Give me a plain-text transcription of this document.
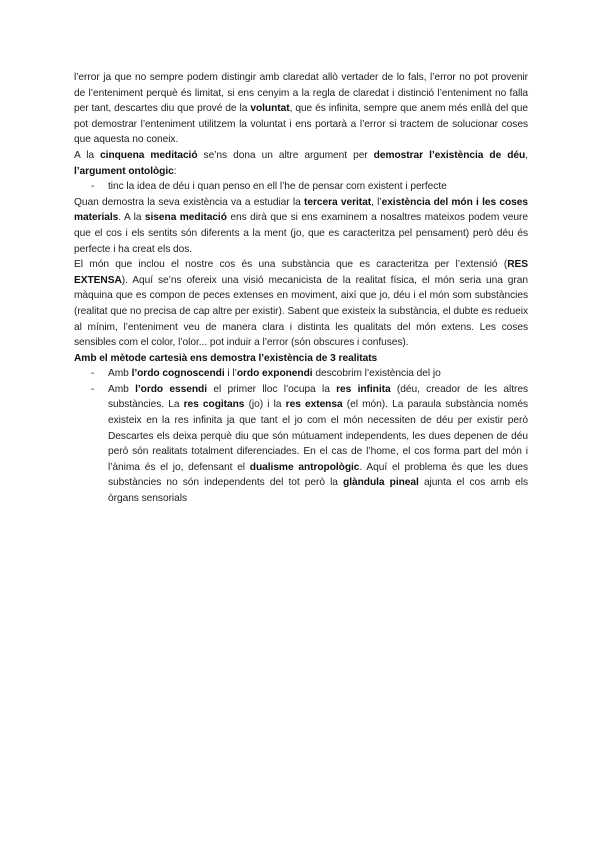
l’error ja que no sempre podem distingir amb claredat allò vertader de lo fals, l’error no pot provenir de l’enteniment perquè és limitat, si ens cenyim a la regla de claredat i distinció l’enteniment no falla per tant, descartes diu que prové de la voluntat, que és infinita, sempre que anem més enllà del que pot demostrar l’enteniment utilitzem la voluntat i ens portarà a l’error si tractem de solucionar coses que aquesta no coneix.

A la cinquena meditació se’ns dona un altre argument per demostrar l’existència de déu, l’argument ontològic:

- tinc la idea de déu i quan penso en ell l’he de pensar com existent i perfecte

Quan demostra la seva existència va a estudiar la tercera veritat, l’existència del món i les coses materials. A la sisena meditació ens dirà que si ens examinem a nosaltres mateixos podem veure que el cos i els sentits són diferents a la ment (jo, que es caracteritza pel pensament) però déu és perfecte i ha creat els dos.

El món que inclou el nostre cos és una substància que es caracteritza per l’extensió (RES EXTENSA). Aquí se’ns ofereix una visió mecanicista de la realitat física, el món seria una gran màquina que es compon de peces extenses en moviment, així que jo, déu i el món som substàncies (realitat que no precisa de cap altre per existir). Sabent que existeix la substància, el dubte es redueix al mínim, l’enteniment veu de manera clara i distinta les qualitats del món extens. Les coses sensibles com el color, l’olor... pot induir a l’error (són obscures i confuses).

Amb el mètode cartesià ens demostra l’existència de 3 realitats

- Amb l’ordo cognoscendi i l’ordo exponendi descobrim l’existència del jo
- Amb l’ordo essendi el primer lloc l’ocupa la res infinita (déu, creador de les altres substàncies. La res cogitans (jo) i la res extensa (el món). La paraula substància només existeix en la res infinita ja que tant el jo com el món necessiten de déu per existir però Descartes els deixa perquè diu que són mútuament independents, les dues depenen de déu però són realitats totalment diferenciades. En el cas de l’home, el cos forma part del món i l’ànima és el jo, defensant el dualisme antropològic. Aquí el problema és que les dues substàncies no són independents del tot però la glàndula pineal ajunta el cos amb els òrgans sensorials
